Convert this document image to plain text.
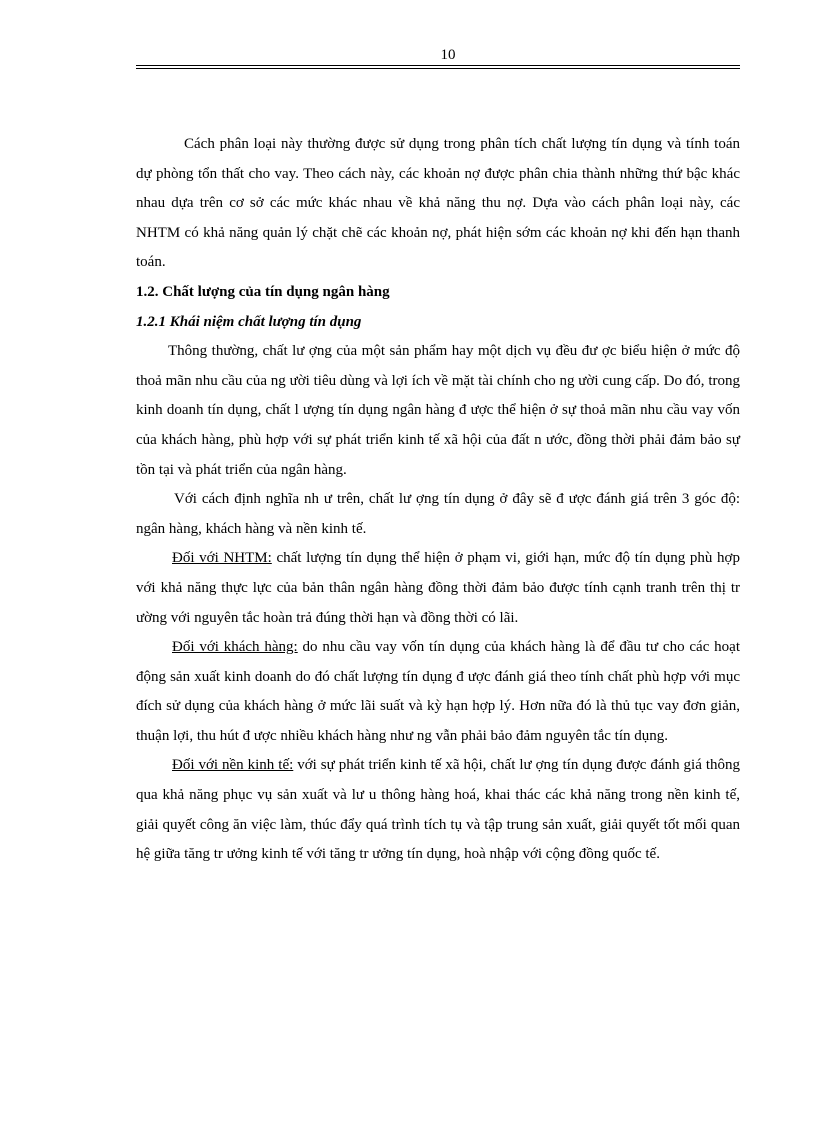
10

Cách phân loại này thường được sử dụng trong phân tích chất lượng tín dụng và tính toán dự phòng tổn thất cho vay. Theo cách này, các khoản nợ được phân chia thành những thứ bậc khác nhau dựa trên cơ sở các mức khác nhau về khả năng thu nợ. Dựa vào cách phân loại này, các NHTM có khả năng quản lý chặt chẽ các khoản nợ, phát hiện sớm các khoản nợ khi đến hạn thanh toán.

1.2. Chất lượng của tín dụng ngân hàng

1.2.1 Khái niệm chất lượng tín dụng

Thông thường, chất lư ợng của một sản phẩm hay một dịch vụ đều đư ợc biểu hiện ở mức độ thoả mãn nhu cầu của ng ười tiêu dùng và lợi ích về mặt tài chính cho ng ười cung cấp. Do đó, trong kinh doanh tín dụng, chất l ượng tín dụng ngân hàng đ ược thể hiện ở sự thoả mãn nhu cầu vay vốn của khách hàng, phù hợp với sự phát triển kinh tế xã hội của đất n ước, đồng thời phải đảm bảo sự tồn tại và phát triển của ngân hàng.

Với cách định nghĩa nh ư trên, chất lư ợng tín dụng ở đây sẽ đ ược đánh giá trên 3 góc độ: ngân hàng, khách hàng và nền kinh tế.

Đối với NHTM: chất lượng tín dụng thể hiện ở phạm vi, giới hạn, mức độ tín dụng phù hợp với khả năng thực lực của bản thân ngân hàng đồng thời đảm bảo được tính cạnh tranh trên thị tr ường với nguyên tắc hoàn trả đúng thời hạn và đồng thời có lãi.

Đối với khách hàng: do nhu cầu vay vốn tín dụng của khách hàng là để đầu tư cho các hoạt động sản xuất kinh doanh do đó chất lượng tín dụng đ ược đánh giá theo tính chất phù hợp với mục đích sử dụng của khách hàng ở mức lãi suất và kỳ hạn hợp lý. Hơn nữa đó là thủ tục vay đơn giản, thuận lợi, thu hút đ ược nhiều khách hàng như ng vẫn phải bảo đảm nguyên tắc tín dụng.

Đối với nền kinh tế: với sự phát triển kinh tế xã hội, chất lư ợng tín dụng được đánh giá thông qua khả năng phục vụ sản xuất và lư u thông hàng hoá, khai thác các khả năng trong nền kinh tế, giải quyết công ăn việc làm, thúc đẩy quá trình tích tụ và tập trung sản xuất, giải quyết tốt mối quan hệ giữa tăng tr ưởng kinh tế với tăng tr ưởng tín dụng, hoà nhập với cộng đồng quốc tế.
